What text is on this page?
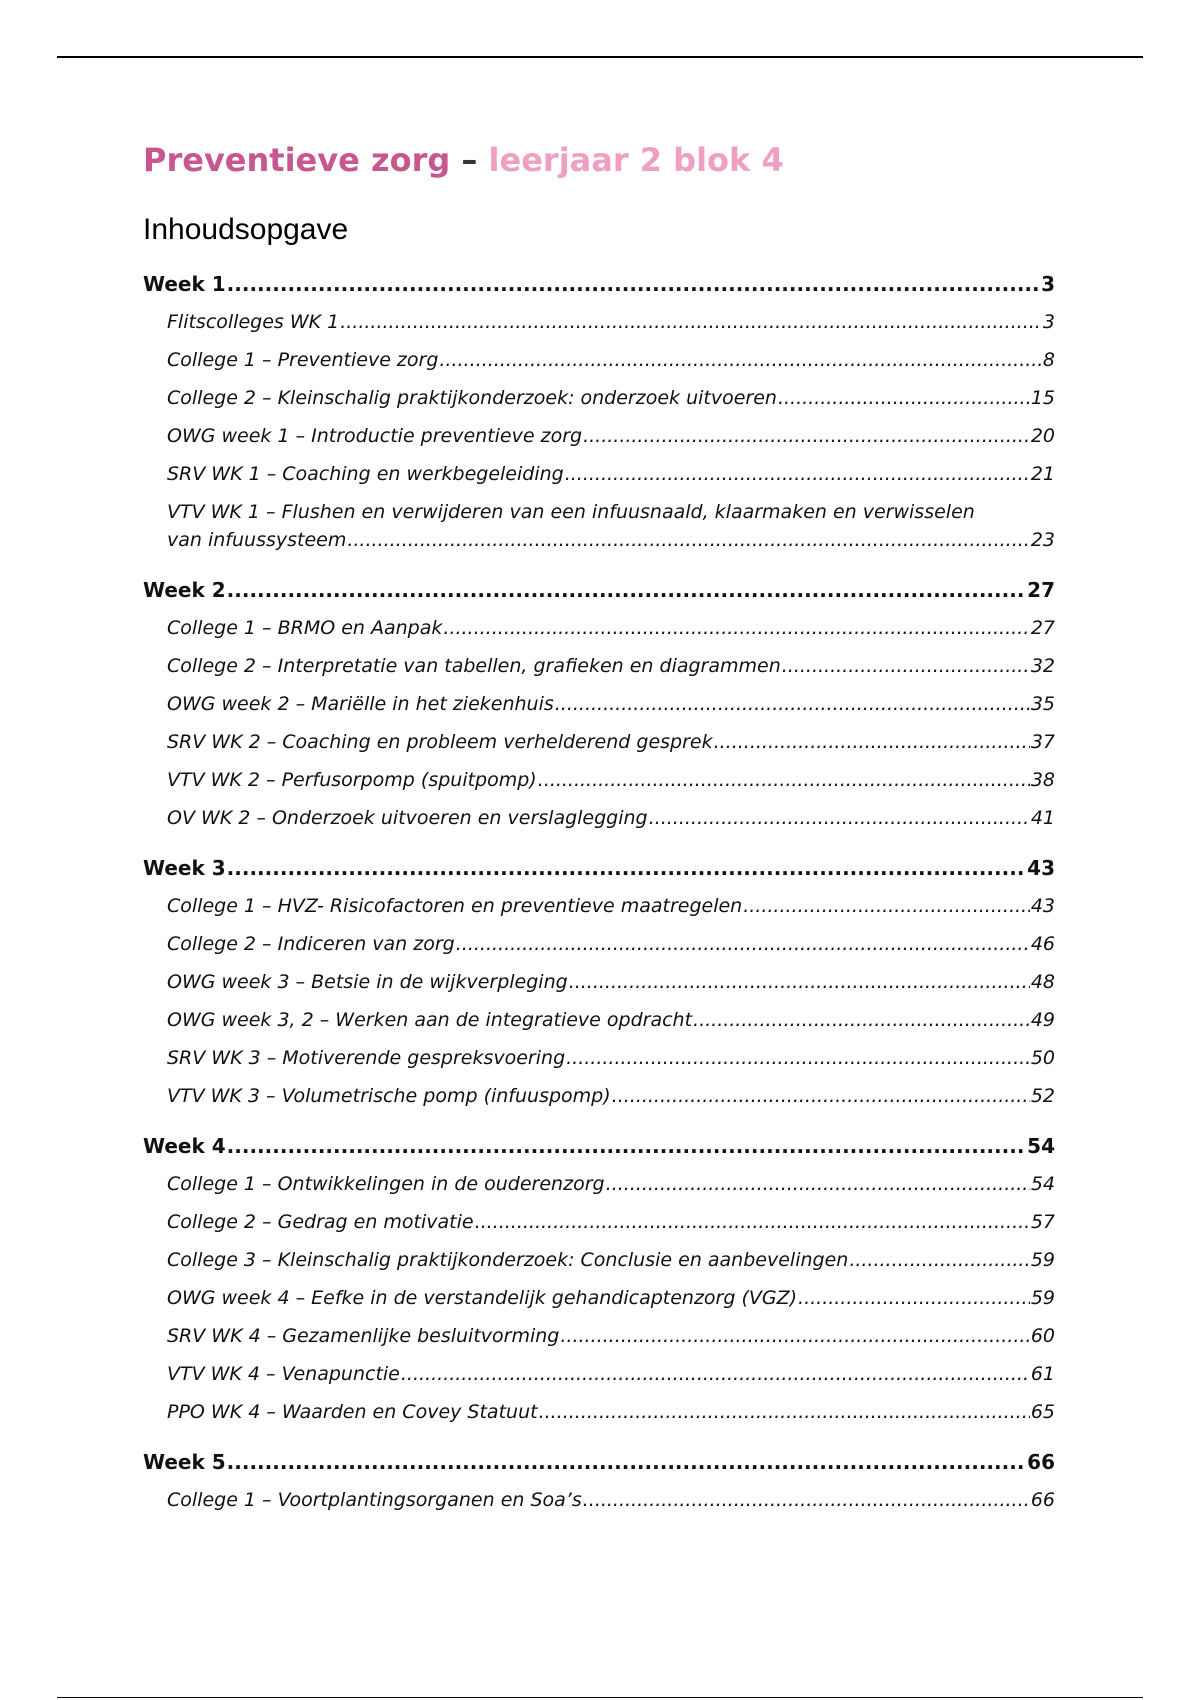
Preventieve zorg – leerjaar 2 blok 4
Inhoudsopgave
Week 1 .....	3
Flitscolleges WK 1 .....	3
College 1 – Preventieve zorg .....	8
College 2 – Kleinschalig praktijkonderzoek: onderzoek uitvoeren .....	15
OWG week 1 – Introductie preventieve zorg .....	20
SRV WK 1 – Coaching en werkbegeleiding .....	21
VTV WK 1 – Flushen en verwijderen van een infuusnaald, klaarmaken en verwisselen
van infuussysteem .....	23
Week 2 .....	27
College 1 – BRMO en Aanpak .....	27
College 2 – Interpretatie van tabellen, grafieken en diagrammen .....	32
OWG week 2 – Mariëlle in het ziekenhuis .....	35
SRV WK 2 – Coaching en probleem verhelderend gesprek .....	37
VTV WK 2 – Perfusorpomp (spuitpomp) .....	38
OV WK 2 – Onderzoek uitvoeren en verslaglegging .....	41
Week 3 .....	43
College 1 – HVZ- Risicofactoren en preventieve maatregelen .....	43
College 2 – Indiceren van zorg .....	46
OWG week 3 – Betsie in de wijkverpleging .....	48
OWG week 3, 2 – Werken aan de integratieve opdracht .....	49
SRV WK 3 – Motiverende gespreksvoering .....	50
VTV WK 3 – Volumetrische pomp (infuuspomp) .....	52
Week 4 .....	54
College 1 – Ontwikkelingen in de ouderenzorg .....	54
College 2 – Gedrag en motivatie .....	57
College 3 – Kleinschalig praktijkonderzoek: Conclusie en aanbevelingen .....	59
OWG week 4 – Eefke in de verstandelijk gehandicaptenzorg (VGZ) .....	59
SRV WK 4 – Gezamenlijke besluitvorming .....	60
VTV WK 4 – Venapunctie .....	61
PPO WK 4 – Waarden en Covey Statuut .....	65
Week 5 .....	66
College 1 – Voortplantingsorganen en Soa’s .....	66
